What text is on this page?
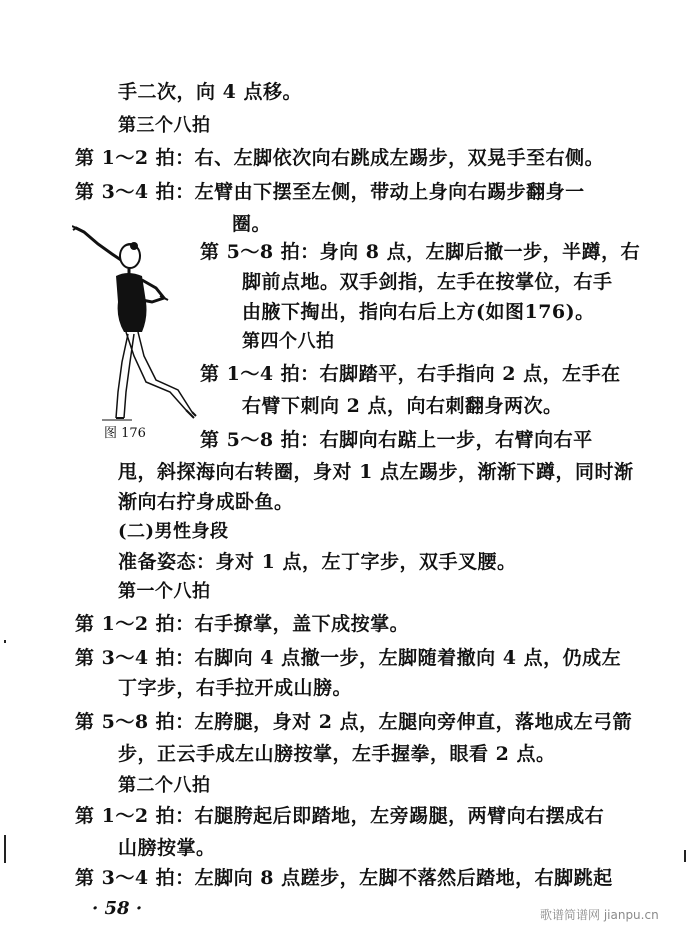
手二次，向 4 点移。
第三个八拍
第 1～2 拍：右、左脚依次向右跳成左踢步，双晃手至右侧。
第 3～4 拍：左臂由下摆至左侧，带动上身向右踢步翻身一
圈。
第 5～8 拍：身向 8 点，左脚后撤一步，半蹲，右
脚前点地。双手剑指，左手在按掌位，右手
由腋下掏出，指向右后上方(如图176)。
第四个八拍
第 1～4 拍：右脚踏平，右手指向 2 点，左手在
右臂下刺向 2 点，向右刺翻身两次。
第 5～8 拍：右脚向右踮上一步，右臂向右平
甩，斜探海向右转圈，身对 1 点左踢步，渐渐下蹲，同时渐
渐向右拧身成卧鱼。
(二)男性身段
准备姿态：身对 1 点，左丁字步，双手叉腰。
第一个八拍
第 1～2 拍：右手撩掌，盖下成按掌。
第 3～4 拍：右脚向 4 点撤一步，左脚随着撤向 4 点，仍成左
丁字步，右手拉开成山膀。
第 5～8 拍：左胯腿，身对 2 点，左腿向旁伸直，落地成左弓箭
步，正云手成左山膀按掌，左手握拳，眼看 2 点。
第二个八拍
第 1～2 拍：右腿胯起后即踏地，左旁踢腿，两臂向右摆成右
山膀按掌。
第 3～4 拍：左脚向 8 点蹉步，左脚不落然后踏地，右脚跳起
图 176
· 58 ·	歌谱简谱网 jianpu.cn
